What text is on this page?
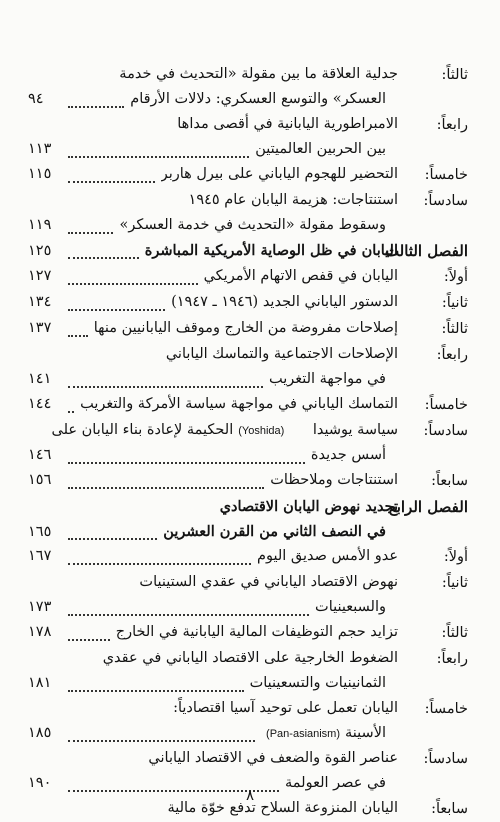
ثالثاً:
جدلية العلاقة ما بين مقولة «التحديث في خدمة
العسكر» والتوسع العسكري: دلالات الأرقام
٩٤
رابعاً:
الامبراطورية اليابانية في أقصى مداها
بين الحربين العالميتين
١١٣
خامساً:
التحضير للهجوم الياباني على بيرل هاربر
١١٥
سادساً:
استنتاجات: هزيمة اليابان عام ١٩٤٥
وسقوط مقولة «التحديث في خدمة العسكر»
١١٩
الفصل الثالث
اليابان في ظل الوصاية الأمريكية المباشرة
١٢٥
أولاً:
اليابان في قفص الاتهام الأمريكي
١٢٧
ثانياً:
الدستور الياباني الجديد (١٩٤٦ ـ ١٩٤٧)
١٣٤
ثالثاً:
إصلاحات مفروضة من الخارج وموقف اليابانيين منها
١٣٧
رابعاً:
الإصلاحات الاجتماعية والتماسك الياباني
في مواجهة التغريب
١٤١
خامساً:
التماسك الياباني في مواجهة سياسة الأمركة والتغريب
١٤٤
سادساً:
سياسة يوشيدا
(Yoshida)
الحكيمة لإعادة بناء اليابان على
أسس جديدة
١٤٦
سابعاً:
استنتاجات وملاحظات
١٥٦
الفصل الرابع
تجديد نهوض اليابان الاقتصادي
في النصف الثاني من القرن العشرين
١٦٥
أولاً:
عدو الأمس صديق اليوم
١٦٧
ثانياً:
نهوض الاقتصاد الياباني في عقدي الستينيات
والسبعينيات
١٧٣
ثالثاً:
تزايد حجم التوظيفات المالية اليابانية في الخارج
١٧٨
رابعاً:
الضغوط الخارجية على الاقتصاد الياباني في عقدي
الثمانينيات والتسعينيات
١٨١
خامساً:
اليابان تعمل على توحيد آسيا اقتصادياً:
الأسينة
(Pan-asianism)
١٨٥
سادساً:
عناصر القوة والضعف في الاقتصاد الياباني
في عصر العولمة
١٩٠
سابعاً:
اليابان المنزوعة السلاح تدفع خوّة مالية
٨
